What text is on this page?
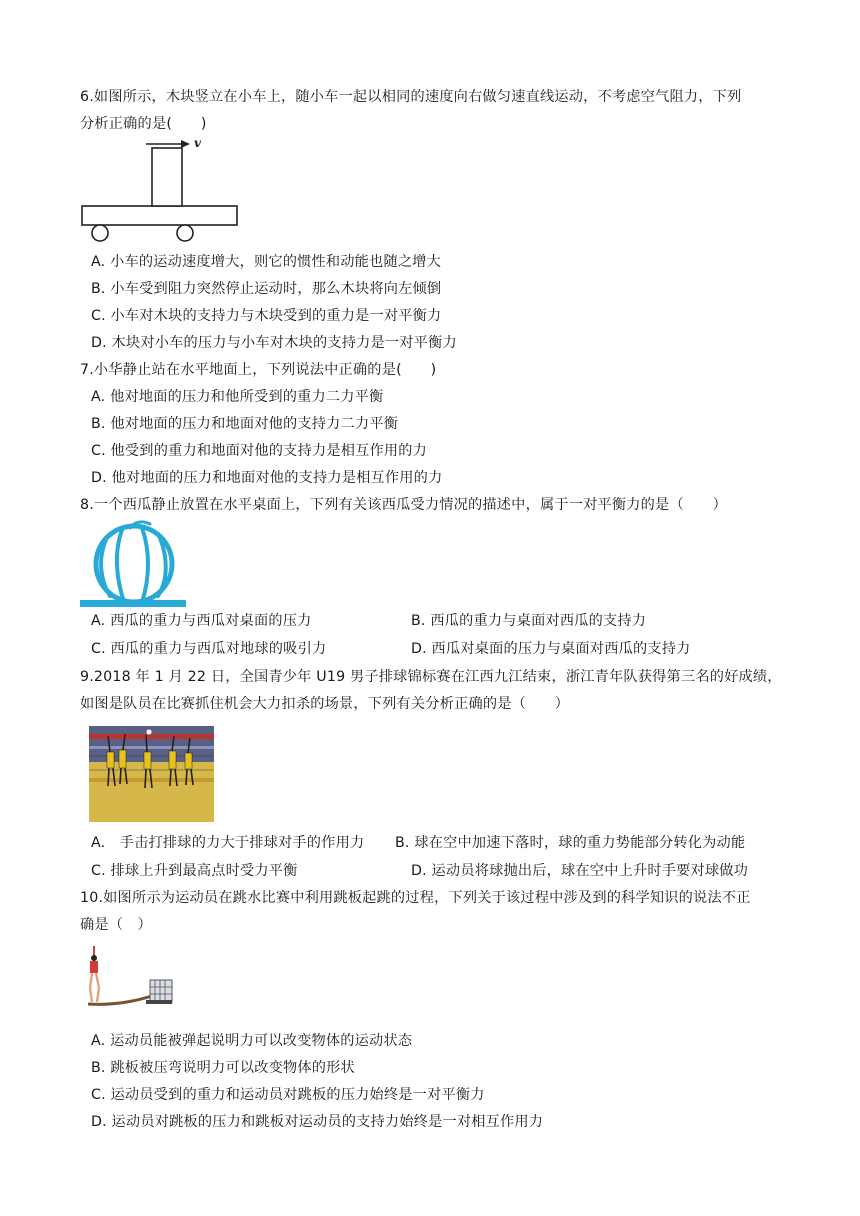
6.如图所示，木块竖立在小车上，随小车一起以相同的速度向右做匀速直线运动，不考虑空气阻力，下列
分析正确的是(　　)
v
A. 小车的运动速度增大，则它的惯性和动能也随之增大
B. 小车受到阻力突然停止运动时，那么木块将向左倾倒
C. 小车对木块的支持力与木块受到的重力是一对平衡力
D. 木块对小车的压力与小车对木块的支持力是一对平衡力
7.小华静止站在水平地面上，下列说法中正确的是(　　)
A. 他对地面的压力和他所受到的重力二力平衡
B. 他对地面的压力和地面对他的支持力二力平衡
C. 他受到的重力和地面对他的支持力是相互作用的力
D. 他对地面的压力和地面对他的支持力是相互作用的力
8.一个西瓜静止放置在水平桌面上，下列有关该西瓜受力情况的描述中，属于一对平衡力的是（　　）
A. 西瓜的重力与西瓜对桌面的压力	B. 西瓜的重力与桌面对西瓜的支持力
C. 西瓜的重力与西瓜对地球的吸引力	D. 西瓜对桌面的压力与桌面对西瓜的支持力
9.2018 年 1 月 22 日，全国青少年 U19 男子排球锦标赛在江西九江结束，浙江青年队获得第三名的好成绩，
如图是队员在比赛抓住机会大力扣杀的场景，下列有关分析正确的是（　　）
A.　手击打排球的力大于排球对手的作用力 B. 球在空中加速下落时，球的重力势能部分转化为动能
C. 排球上升到最高点时受力平衡	D. 运动员将球抛出后，球在空中上升时手要对球做功
10.如图所示为运动员在跳水比赛中利用跳板起跳的过程，下列关于该过程中涉及到的科学知识的说法不正
确是（　）
A. 运动员能被弹起说明力可以改变物体的运动状态
B. 跳板被压弯说明力可以改变物体的形状
C. 运动员受到的重力和运动员对跳板的压力始终是一对平衡力
D. 运动员对跳板的压力和跳板对运动员的支持力始终是一对相互作用力
